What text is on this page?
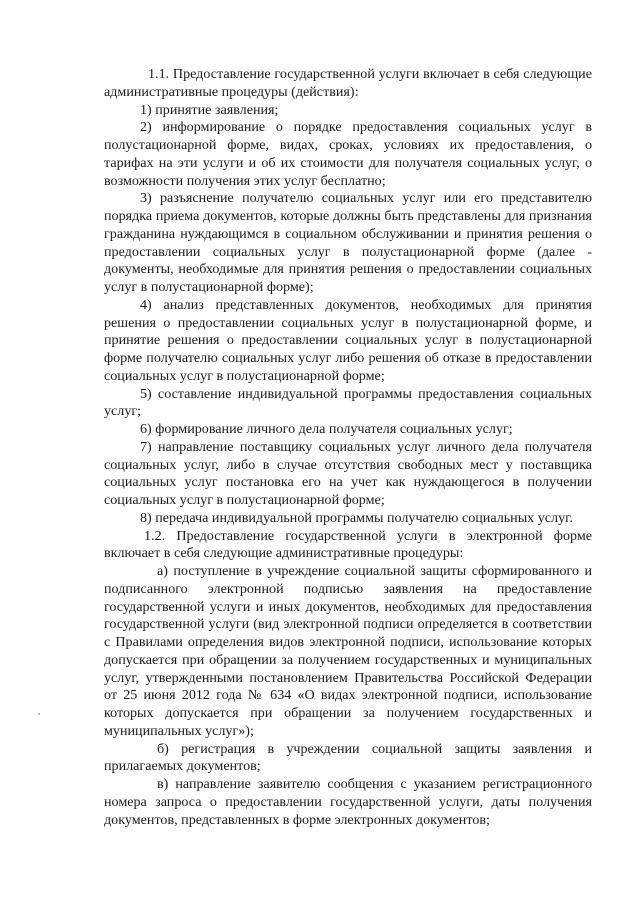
1.1. Предоставление государственной услуги включает в себя следующие административные процедуры (действия):

1) принятие заявления;

2) информирование о порядке предоставления социальных услуг в полустационарной форме, видах, сроках, условиях их предоставления, о тарифах на эти услуги и об их стоимости для получателя социальных услуг, о возможности получения этих услуг бесплатно;

3) разъяснение получателю социальных услуг или его представителю порядка приема документов, которые должны быть представлены для признания гражданина нуждающимся в социальном обслуживании и принятия решения о предоставлении социальных услуг в полустационарной форме (далее - документы, необходимые для принятия решения о предоставлении социальных услуг в полустационарной форме);

4) анализ представленных документов, необходимых для принятия решения о предоставлении социальных услуг в полустационарной форме, и принятие решения о предоставлении социальных услуг в полустационарной форме получателю социальных услуг либо решения об отказе в предоставлении социальных услуг в полустационарной форме;

5) составление индивидуальной программы предоставления социальных услуг;

6) формирование личного дела получателя социальных услуг;

7) направление поставщику социальных услуг личного дела получателя социальных услуг, либо в случае отсутствия свободных мест у поставщика социальных услуг постановка его на учет как нуждающегося в получении социальных услуг в полустационарной форме;

8) передача индивидуальной программы получателю социальных услуг.

1.2. Предоставление государственной услуги в электронной форме включает в себя следующие административные процедуры:

а) поступление в учреждение социальной защиты сформированного и подписанного электронной подписью заявления на предоставление государственной услуги и иных документов, необходимых для предоставления государственной услуги (вид электронной подписи определяется в соответствии с Правилами определения видов электронной подписи, использование которых допускается при обращении за получением государственных и муниципальных услуг, утвержденными постановлением Правительства Российской Федерации от 25 июня 2012 года № 634 «О видах электронной подписи, использование которых допускается при обращении за получением государственных и муниципальных услуг»);

б) регистрация в учреждении социальной защиты заявления и прилагаемых документов;

в) направление заявителю сообщения с указанием регистрационного номера запроса о предоставлении государственной услуги, даты получения документов, представленных в форме электронных документов;
